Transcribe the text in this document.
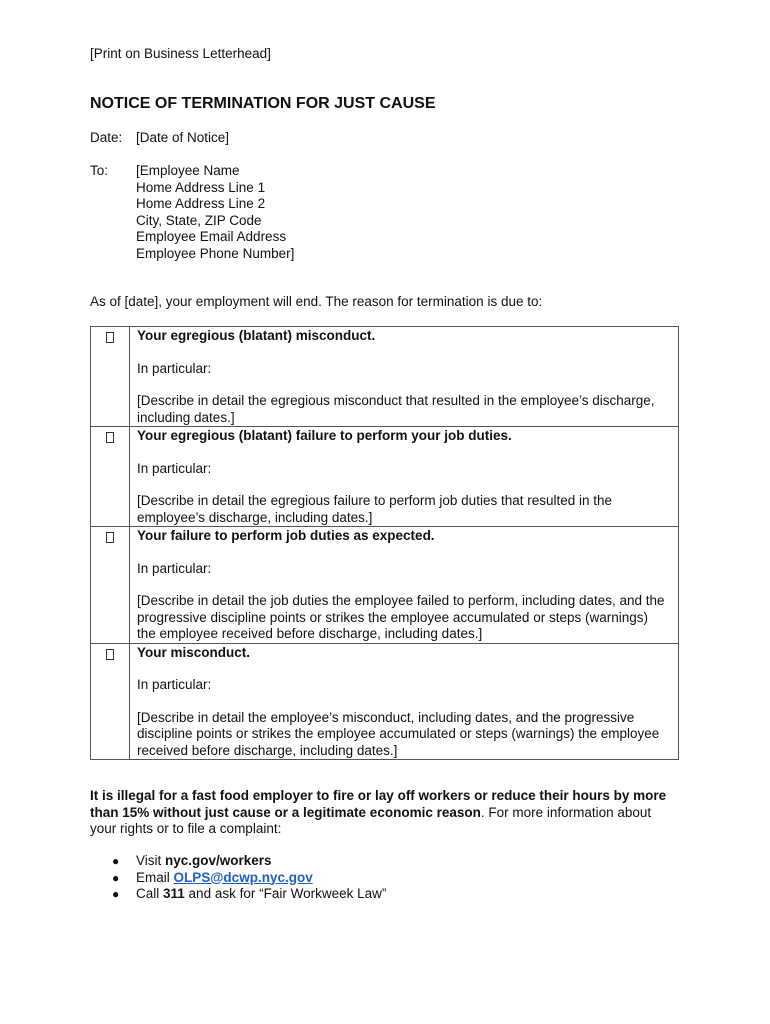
[Print on Business Letterhead]
NOTICE OF TERMINATION FOR JUST CAUSE
Date: [Date of Notice]
To: [Employee Name
Home Address Line 1
Home Address Line 2
City, State, ZIP Code
Employee Email Address
Employee Phone Number]
As of [date], your employment will end. The reason for termination is due to:

	Your egregious (blatant) misconduct.
In particular:
[Describe in detail the egregious misconduct that resulted in the employee’s discharge, including dates.]

	Your egregious (blatant) failure to perform your job duties.
In particular:
[Describe in detail the egregious failure to perform job duties that resulted in the employee’s discharge, including dates.]

	Your failure to perform job duties as expected.
In particular:
[Describe in detail the job duties the employee failed to perform, including dates, and the progressive discipline points or strikes the employee accumulated or steps (warnings) the employee received before discharge, including dates.]

	Your misconduct.
In particular:
[Describe in detail the employee’s misconduct, including dates, and the progressive discipline points or strikes the employee accumulated or steps (warnings) the employee received before discharge, including dates.]
It is illegal for a fast food employer to fire or lay off workers or reduce their hours by more than 15% without just cause or a legitimate economic reason. For more information about your rights or to file a complaint:
● Visit nyc.gov/workers
● Email OLPS@dcwp.nyc.gov
● Call 311 and ask for “Fair Workweek Law”
